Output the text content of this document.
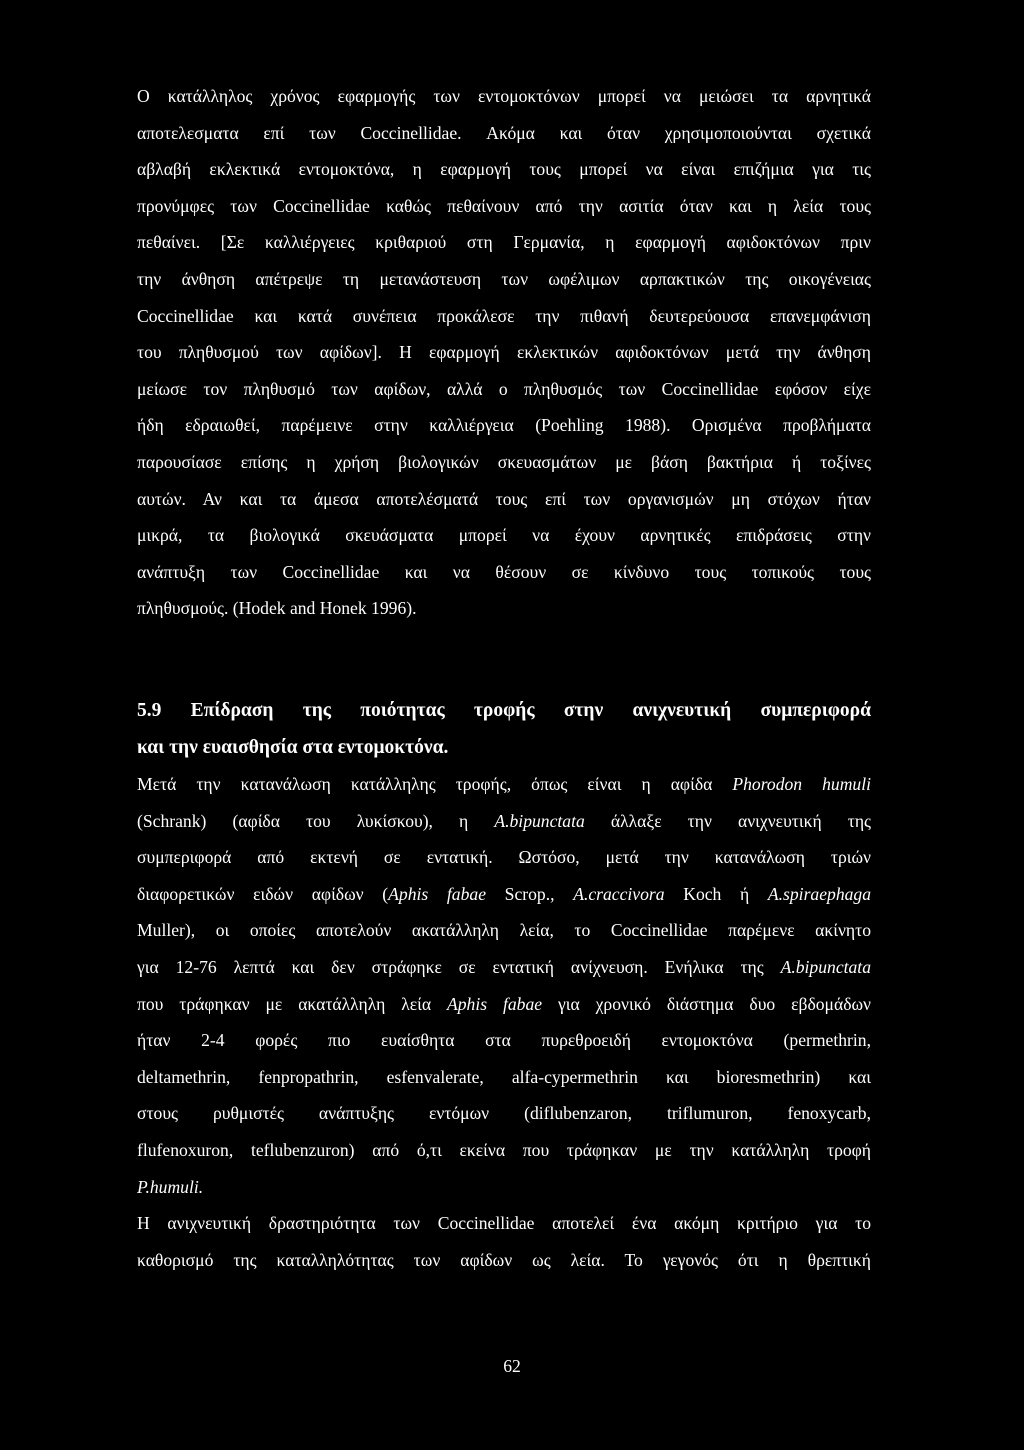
Ο κατάλληλος χρόνος εφαρμογής των εντομοκτόνων μπορεί να μειώσει τα αρνητικά
αποτελεσματα επί των Coccinellidae. Ακόμα και όταν χρησιμοποιούνται σχετικά
αβλαβή εκλεκτικά εντομοκτόνα, η εφαρμογή τους μπορεί να είναι επιζήμια για τις
προνύμφες των Coccinellidae καθώς πεθαίνουν από την ασιτία όταν και η λεία τους
πεθαίνει. [Σε καλλιέργειες κριθαριού στη Γερμανία, η εφαρμογή αφιδοκτόνων πριν
την άνθηση απέτρεψε τη μετανάστευση των ωφέλιμων αρπακτικών της οικογένειας
Coccinellidae και κατά συνέπεια προκάλεσε την πιθανή δευτερεύουσα επανεμφάνιση
του πληθυσμού των αφίδων]. Η εφαρμογή εκλεκτικών αφιδοκτόνων μετά την άνθηση
μείωσε τον πληθυσμό των αφίδων, αλλά ο πληθυσμός των Coccinellidae εφόσον είχε
ήδη εδραιωθεί, παρέμεινε στην καλλιέργεια (Poehling 1988). Ορισμένα προβλήματα
παρουσίασε επίσης η χρήση βιολογικών σκευασμάτων με βάση βακτήρια ή τοξίνες
αυτών. Αν και τα άμεσα αποτελέσματά τους επί των οργανισμών μη στόχων ήταν
μικρά, τα βιολογικά σκευάσματα μπορεί να έχουν αρνητικές επιδράσεις στην
ανάπτυξη των Coccinellidae και να θέσουν σε κίνδυνο τους τοπικούς τους
πληθυσμούς. (Hodek and Honek 1996).
5.9 Επίδραση της ποιότητας τροφής στην ανιχνευτική συμπεριφορά
και την ευαισθησία στα εντομοκτόνα.
Μετά την κατανάλωση κατάλληλης τροφής, όπως είναι η αφίδα Phorodon humuli
(Schrank) (αφίδα του λυκίσκου), η A.bipunctata άλλαξε την ανιχνευτική της
συμπεριφορά από εκτενή σε εντατική. Ωστόσο, μετά την κατανάλωση τριών
διαφορετικών ειδών αφίδων (Aphis fabae Scrop., A.craccivora Koch ή A.spiraephaga
Muller), οι οποίες αποτελούν ακατάλληλη λεία, το Coccinellidae παρέμενε ακίνητο
για 12-76 λεπτά και δεν στράφηκε σε εντατική ανίχνευση. Ενήλικα της A.bipunctata
που τράφηκαν με ακατάλληλη λεία Aphis fabae για χρονικό διάστημα δυο εβδομάδων
ήταν 2-4 φορές πιο ευαίσθητα στα πυρεθροειδή εντομοκτόνα (permethrin,
deltamethrin, fenpropathrin, esfenvalerate, alfa-cypermethrin και bioresmethrin) και
στους ρυθμιστές ανάπτυξης εντόμων (diflubenzaron, triflumuron, fenoxycarb,
flufenoxuron, teflubenzuron) από ό,τι εκείνα που τράφηκαν με την κατάλληλη τροφή
P.humuli.
Η ανιχνευτική δραστηριότητα των Coccinellidae αποτελεί ένα ακόμη κριτήριο για το
καθορισμό της καταλληλότητας των αφίδων ως λεία. Το γεγονός ότι η θρεπτική
62
